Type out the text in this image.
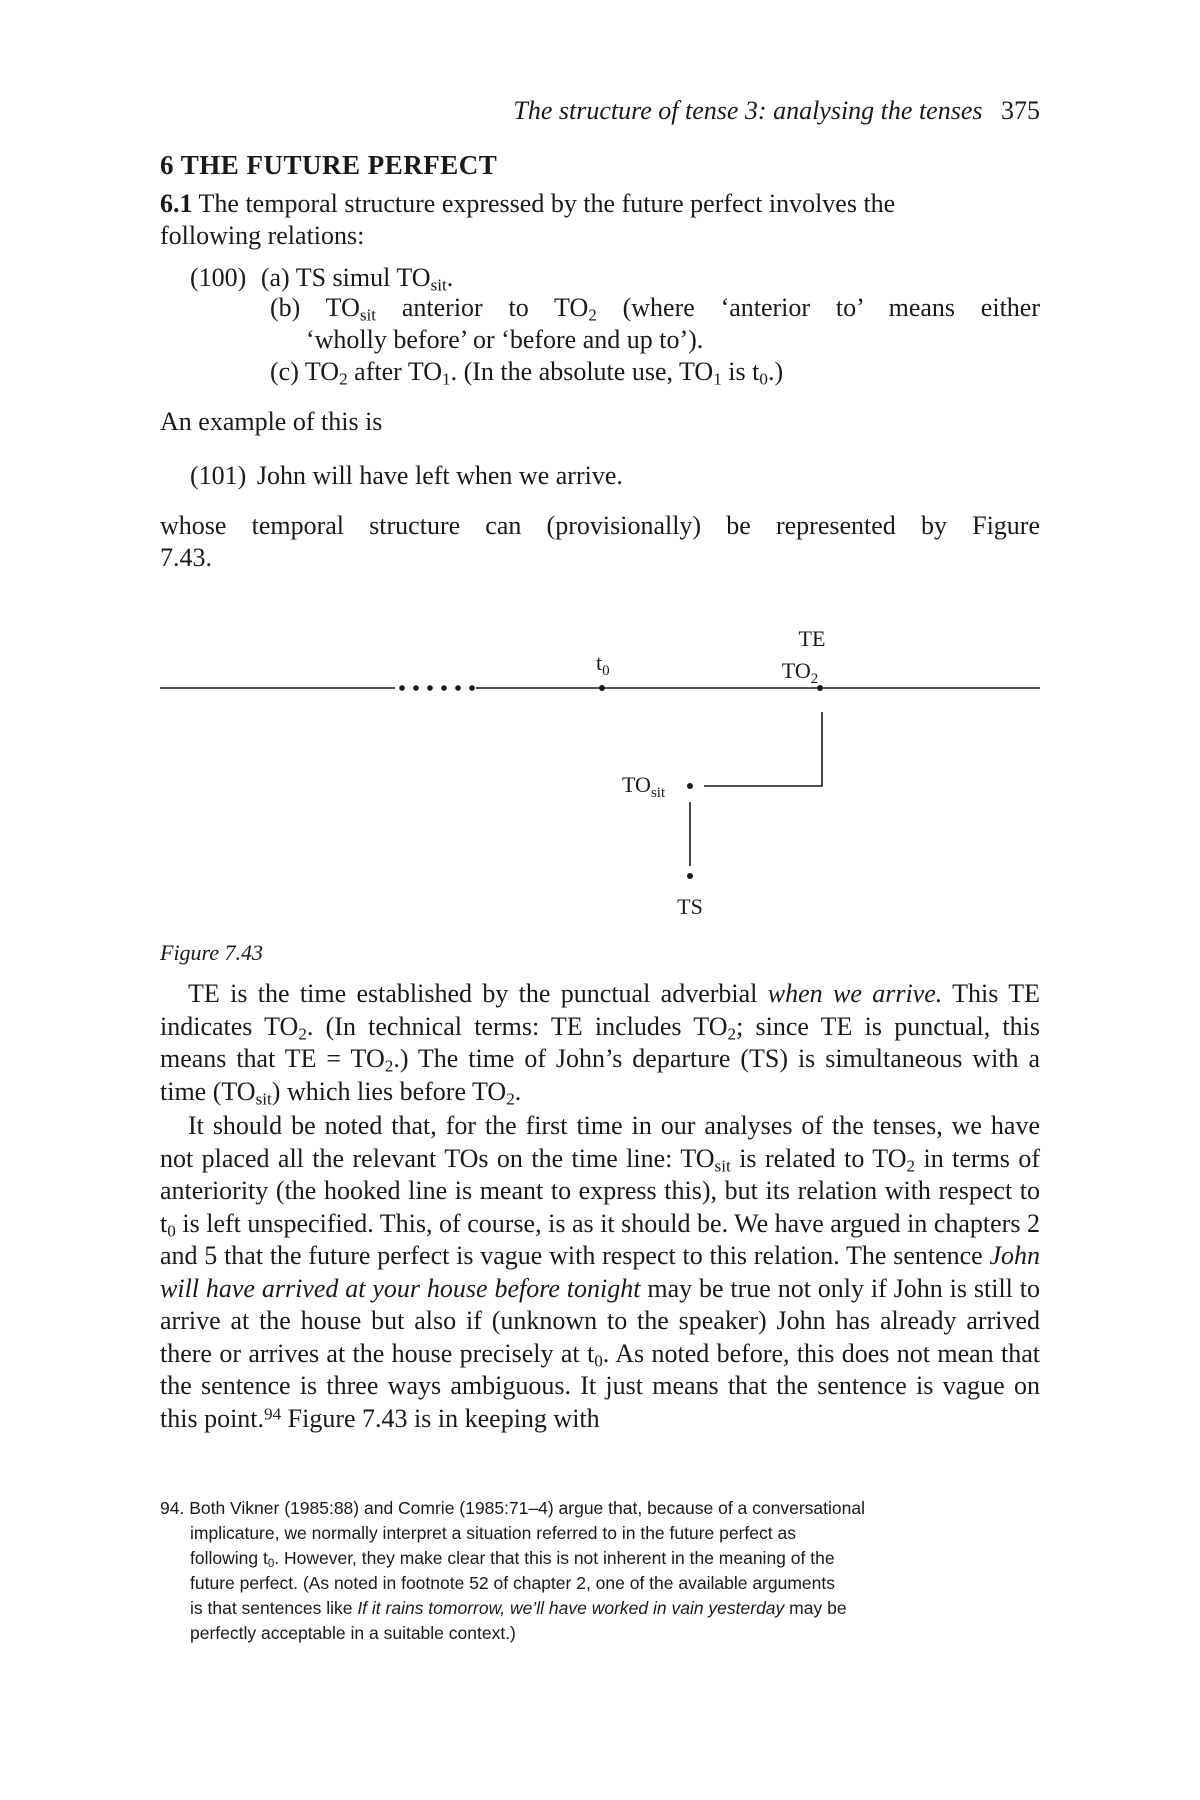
The structure of tense 3: analysing the tenses 375
6 THE FUTURE PERFECT
6.1 The temporal structure expressed by the future perfect involves the
following relations:
(100) (a) TS simul $TO_{sit}$.
(b) $TO_{sit}$ anterior to $TO_2$ (where ‘anterior to’ means either
‘wholly before’ or ‘before and up to’).
(c) $TO_2$ after $TO_1$. (In the absolute use, $TO_1$ is $t_0$.)
An example of this is
(101) John will have left when we arrive.
whose temporal structure can (provisionally) be represented by Figure
7.43.
$t_0$
TE
$TO_2$
$TO_{sit}$
TS
Figure 7.43
TE is the time established by the punctual adverbial when we arrive. This TE indicates $TO_2$. (In technical terms: TE includes $TO_2$; since TE is punctual, this means that TE = $TO_2$.) The time of John’s departure (TS) is simultaneous with a time $(TO_{sit})$ which lies before $TO_2$.
It should be noted that, for the first time in our analyses of the tenses, we have not placed all the relevant TOs on the time line: $TO_{sit}$ is related to $TO_2$ in terms of anteriority (the hooked line is meant to express this), but its relation with respect to $t_0$ is left unspecified. This, of course, is as it should be. We have argued in chapters 2 and 5 that the future perfect is vague with respect to this relation. The sentence John will have arrived at your house before tonight may be true not only if John is still to arrive at the house but also if (unknown to the speaker) John has already arrived there or arrives at the house precisely at $t_0$. As noted before, this does not mean that the sentence is three ways ambiguous. It just means that the sentence is vague on this point.$^{94}$ Figure 7.43 is in keeping with
94. Both Vikner (1985:88) and Comrie (1985:71–4) argue that, because of a conversational
implicature, we normally interpret a situation referred to in the future perfect as
following $t_0$. However, they make clear that this is not inherent in the meaning of the
future perfect. (As noted in footnote 52 of chapter 2, one of the available arguments
is that sentences like If it rains tomorrow, we’ll have worked in vain yesterday may be
perfectly acceptable in a suitable context.)
